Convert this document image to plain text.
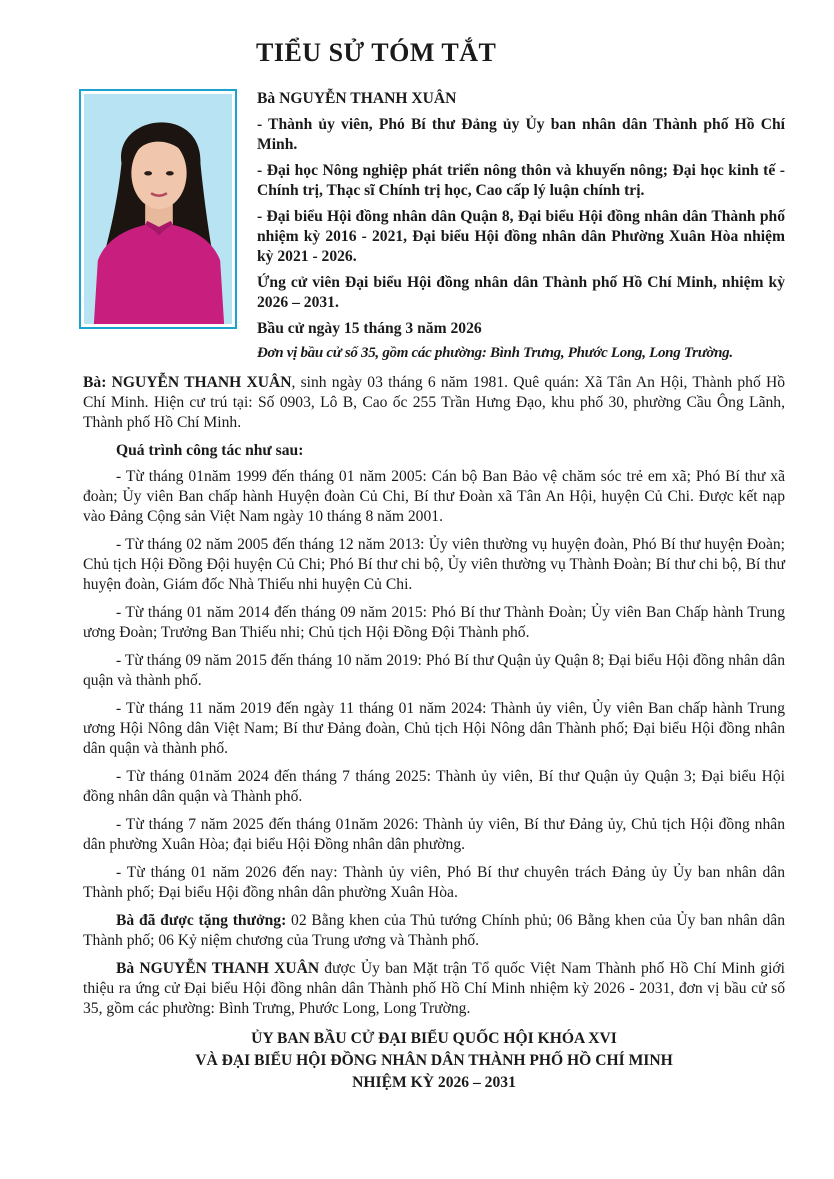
TIỂU SỬ TÓM TẮT

Bà NGUYỄN THANH XUÂN

- Thành ủy viên, Phó Bí thư Đảng ủy Ủy ban nhân dân Thành phố Hồ Chí Minh.

- Đại học Nông nghiệp phát triển nông thôn và khuyến nông; Đại học kinh tế - Chính trị, Thạc sĩ Chính trị học, Cao cấp lý luận chính trị.

- Đại biểu Hội đồng nhân dân Quận 8, Đại biểu Hội đồng nhân dân Thành phố nhiệm kỳ 2016 - 2021, Đại biểu Hội đồng nhân dân Phường Xuân Hòa nhiệm kỳ 2021 - 2026.

Ứng cử viên Đại biểu Hội đồng nhân dân Thành phố Hồ Chí Minh, nhiệm kỳ 2026 – 2031.

Bầu cử ngày 15 tháng 3 năm 2026

Đơn vị bầu cử số 35, gồm các phường: Bình Trưng, Phước Long, Long Trường.

Bà: NGUYỄN THANH XUÂN, sinh ngày 03 tháng 6 năm 1981. Quê quán: Xã Tân An Hội, Thành phố Hồ Chí Minh. Hiện cư trú tại: Số 0903, Lô B, Cao ốc 255 Trần Hưng Đạo, khu phố 30, phường Cầu Ông Lãnh, Thành phố Hồ Chí Minh.

Quá trình công tác như sau:

- Từ tháng 01năm 1999 đến tháng 01 năm 2005: Cán bộ Ban Bảo vệ chăm sóc trẻ em xã; Phó Bí thư xã đoàn; Ủy viên Ban chấp hành Huyện đoàn Củ Chi, Bí thư Đoàn xã Tân An Hội, huyện Củ Chi. Được kết nạp vào Đảng Cộng sản Việt Nam ngày 10 tháng 8 năm 2001.

- Từ tháng 02 năm 2005 đến tháng 12 năm 2013: Ủy viên thường vụ huyện đoàn, Phó Bí thư huyện Đoàn; Chủ tịch Hội Đồng Đội huyện Củ Chi; Phó Bí thư chi bộ, Ủy viên thường vụ Thành Đoàn; Bí thư chi bộ, Bí thư huyện đoàn, Giám đốc Nhà Thiếu nhi huyện Củ Chi.

- Từ tháng 01 năm 2014 đến tháng 09 năm 2015: Phó Bí thư Thành Đoàn; Ủy viên Ban Chấp hành Trung ương Đoàn; Trưởng Ban Thiếu nhi; Chủ tịch Hội Đồng Đội Thành phố.

- Từ tháng 09 năm 2015 đến tháng 10 năm 2019: Phó Bí thư Quận ủy Quận 8; Đại biểu Hội đồng nhân dân quận và thành phố.

- Từ tháng 11 năm 2019 đến ngày 11 tháng 01 năm 2024: Thành ủy viên, Ủy viên Ban chấp hành Trung ương Hội Nông dân Việt Nam; Bí thư Đảng đoàn, Chủ tịch Hội Nông dân Thành phố; Đại biểu Hội đồng nhân dân quận và thành phố.

- Từ tháng 01năm 2024 đến tháng 7 tháng 2025: Thành ủy viên, Bí thư Quận ủy Quận 3; Đại biểu Hội đồng nhân dân quận và Thành phố.

- Từ tháng 7 năm 2025 đến tháng 01năm 2026: Thành ủy viên, Bí thư Đảng ủy, Chủ tịch Hội đồng nhân dân phường Xuân Hòa; đại biểu Hội Đồng nhân dân phường.

- Từ tháng 01 năm 2026 đến nay: Thành ủy viên, Phó Bí thư chuyên trách Đảng ủy Ủy ban nhân dân Thành phố; Đại biểu Hội đồng nhân dân phường Xuân Hòa.

Bà đã được tặng thưởng: 02 Bằng khen của Thủ tướng Chính phủ; 06 Bằng khen của Ủy ban nhân dân Thành phố; 06 Kỷ niệm chương của Trung ương và Thành phố.

Bà NGUYỄN THANH XUÂN được Ủy ban Mặt trận Tổ quốc Việt Nam Thành phố Hồ Chí Minh giới thiệu ra ứng cử Đại biểu Hội đồng nhân dân Thành phố Hồ Chí Minh nhiệm kỳ 2026 - 2031, đơn vị bầu cử số 35, gồm các phường: Bình Trưng, Phước Long, Long Trường.

ỦY BAN BẦU CỬ ĐẠI BIỂU QUỐC HỘI KHÓA XVI
VÀ ĐẠI BIỂU HỘI ĐỒNG NHÂN DÂN THÀNH PHỐ HỒ CHÍ MINH
NHIỆM KỲ 2026 – 2031
